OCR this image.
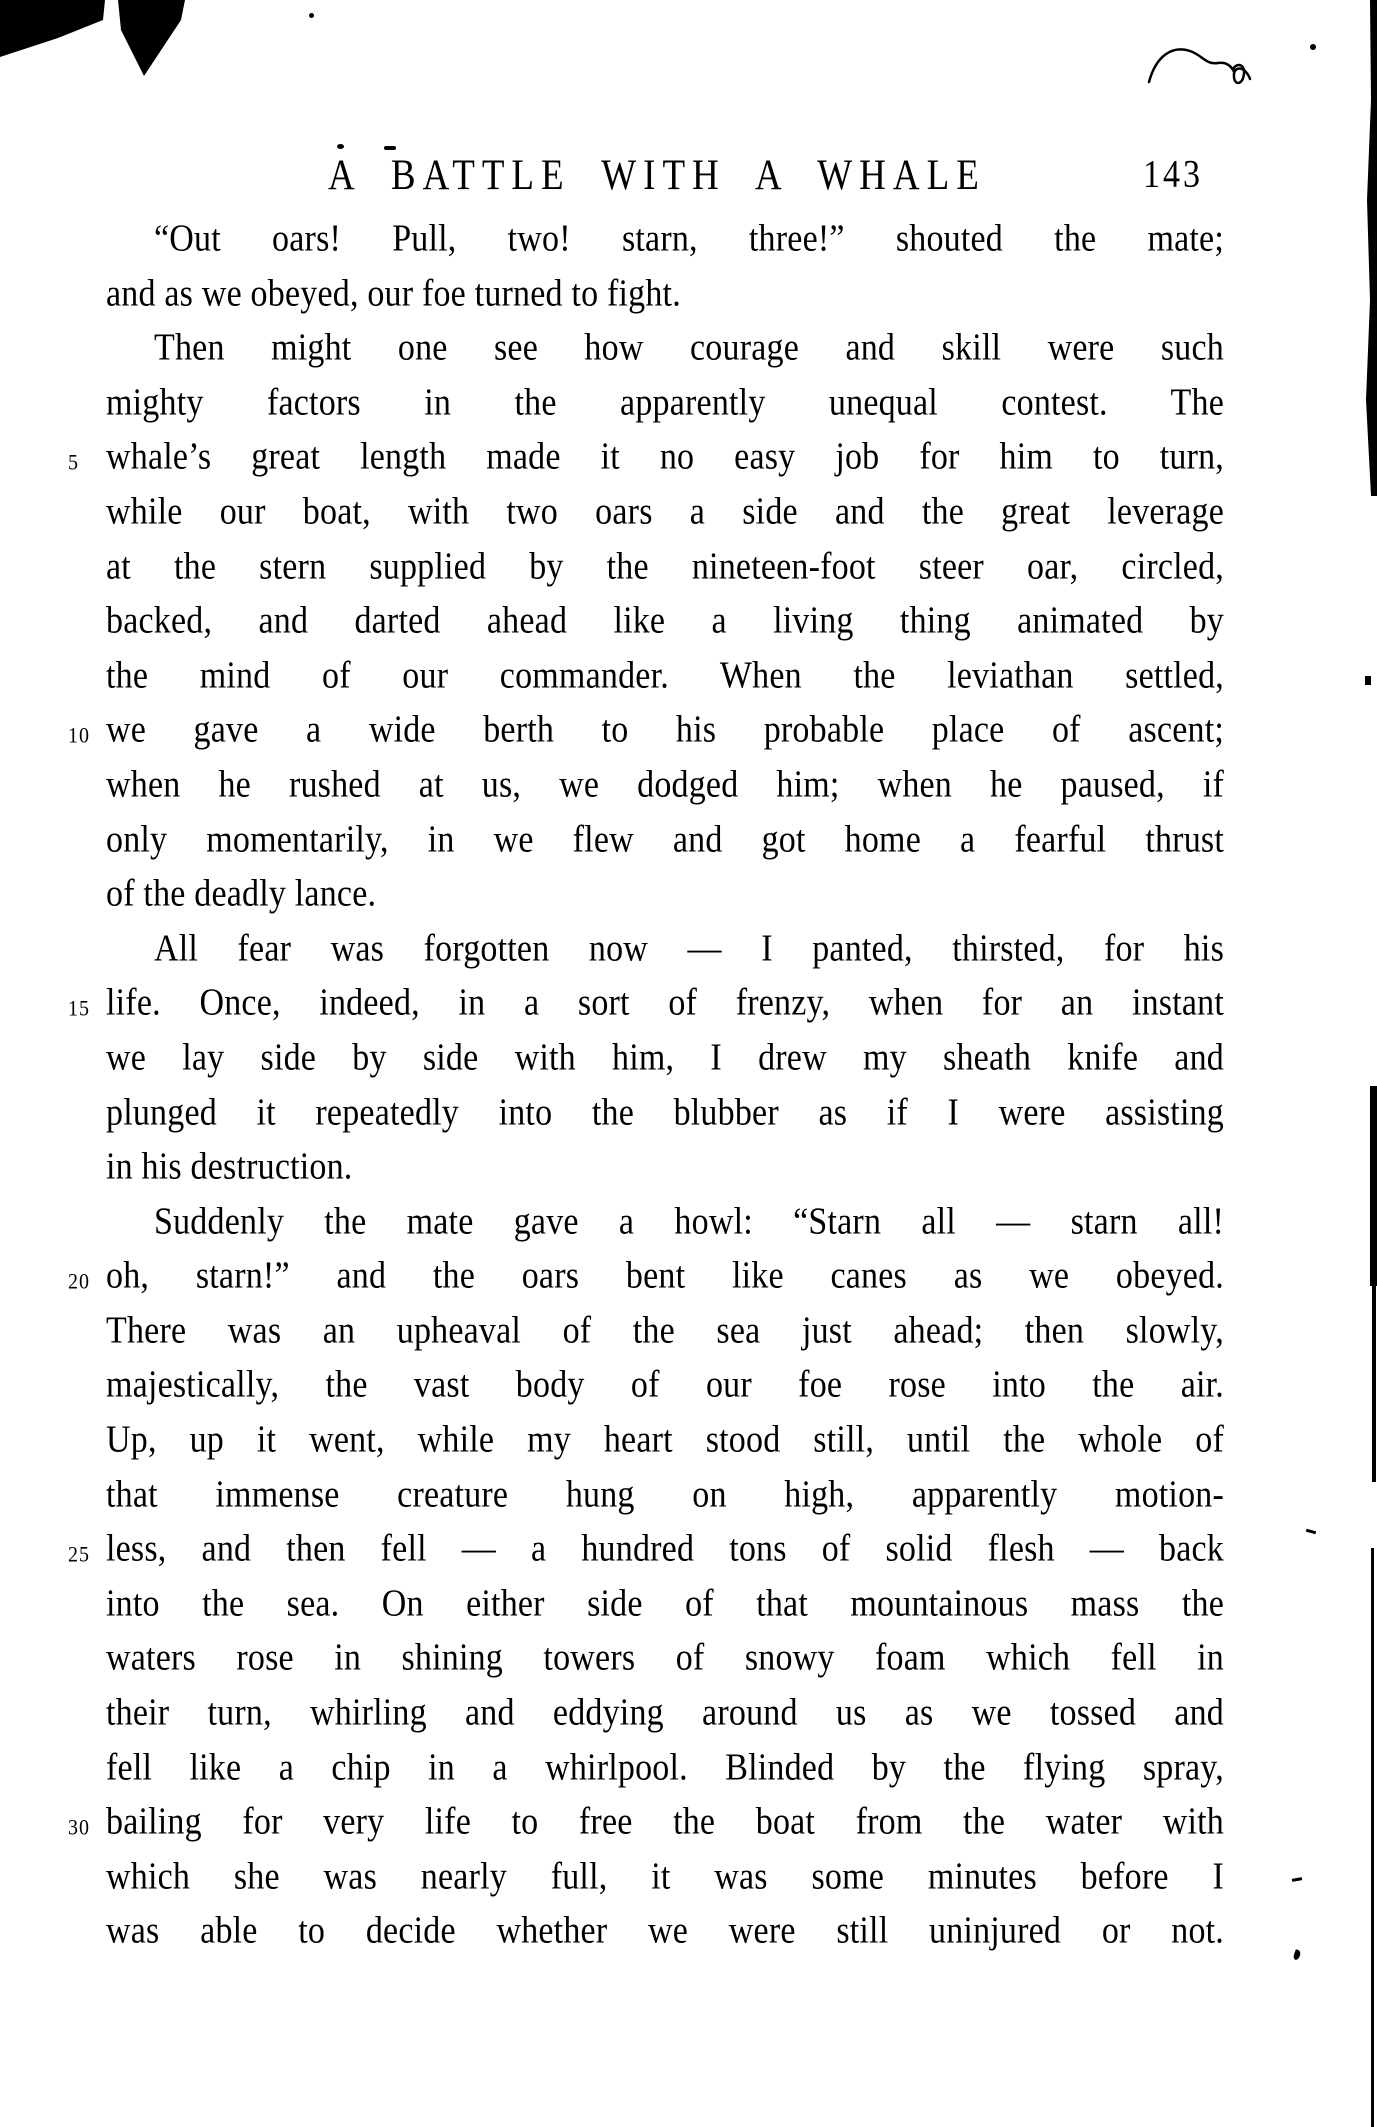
A BATTLE WITH A WHALE	143
“Out oars! Pull, two! starn, three!” shouted the mate;
and as we obeyed, our foe turned to fight.
Then might one see how courage and skill were such
mighty factors in the apparently unequal contest. The
5 whale’s great length made it no easy job for him to turn,
while our boat, with two oars a side and the great leverage
at the stern supplied by the nineteen-foot steer oar, circled,
backed, and darted ahead like a living thing animated by
the mind of our commander. When the leviathan settled,
10 we gave a wide berth to his probable place of ascent;
when he rushed at us, we dodged him; when he paused, if
only momentarily, in we flew and got home a fearful thrust
of the deadly lance.
All fear was forgotten now — I panted, thirsted, for his
15 life. Once, indeed, in a sort of frenzy, when for an instant
we lay side by side with him, I drew my sheath knife and
plunged it repeatedly into the blubber as if I were assisting
in his destruction.
Suddenly the mate gave a howl: “Starn all — starn all!
20 oh, starn!” and the oars bent like canes as we obeyed.
There was an upheaval of the sea just ahead; then slowly,
majestically, the vast body of our foe rose into the air.
Up, up it went, while my heart stood still, until the whole of
that immense creature hung on high, apparently motion-
25 less, and then fell — a hundred tons of solid flesh — back
into the sea. On either side of that mountainous mass the
waters rose in shining towers of snowy foam which fell in
their turn, whirling and eddying around us as we tossed and
fell like a chip in a whirlpool. Blinded by the flying spray,
30 bailing for very life to free the boat from the water with
which she was nearly full, it was some minutes before I
was able to decide whether we were still uninjured or not.
